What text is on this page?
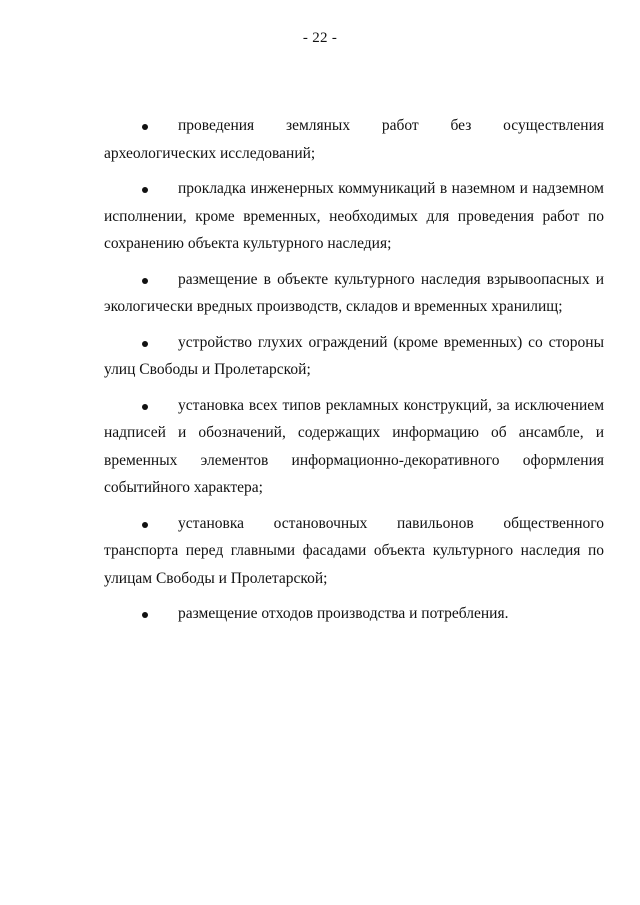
- 22 -

проведения земляных работ без осуществления археологических исследований;

прокладка инженерных коммуникаций в наземном и надземном исполнении, кроме временных, необходимых для проведения работ по сохранению объекта культурного наследия;

размещение в объекте культурного наследия взрывоопасных и экологически вредных производств, складов и временных хранилищ;

устройство глухих ограждений (кроме временных) со стороны улиц Свободы и Пролетарской;

установка всех типов рекламных конструкций, за исключением надписей и обозначений, содержащих информацию об ансамбле, и временных элементов информационно-декоративного оформления событийного характера;

установка остановочных павильонов общественного транспорта перед главными фасадами объекта культурного наследия по улицам Свободы и Пролетарской;

размещение отходов производства и потребления.
